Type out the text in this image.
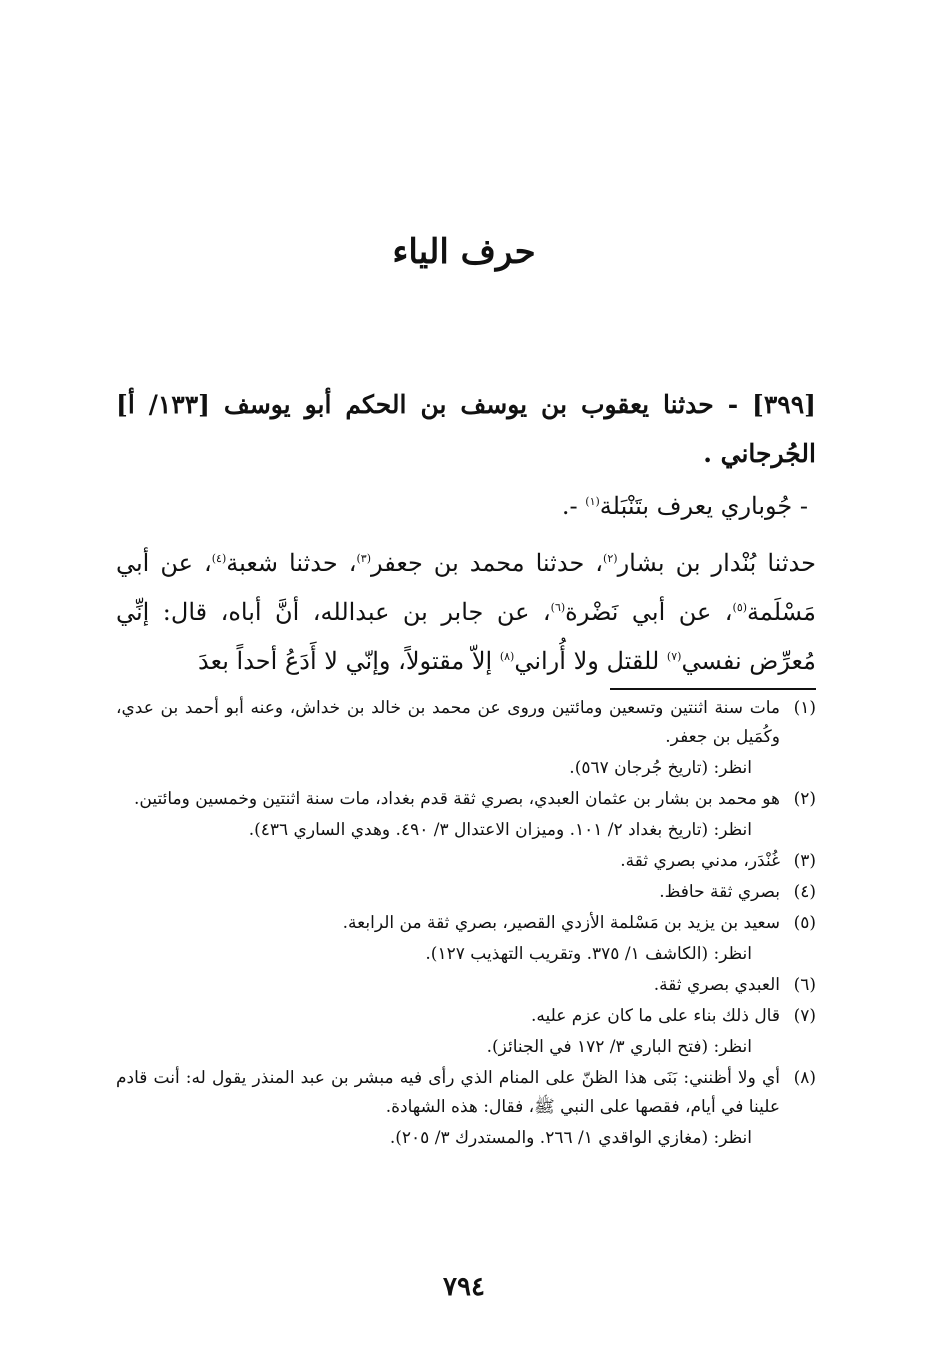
حرف الياء

[٣٩٩] - حدثنا يعقوب بن يوسف بن الحكم أبو يوسف [١٣٣/ أ] الجُرجاني .

- جُوباري يعرف بتَنْبَلة$^{(١)}$ -.

حدثنا بُنْدار بن بشار$^{(٢)}$، حدثنا محمد بن جعفر$^{(٣)}$، حدثنا شعبة$^{(٤)}$، عن أبي مَسْلَمة$^{(٥)}$، عن أبي نَضْرة$^{(٦)}$، عن جابر بن عبدالله، أنَّ أباه، قال: إنِّي مُعرِّض نفسي$^{(٧)}$ للقتل ولا أُراني$^{(٨)}$ إلاّ مقتولاً، وإنّي لا أَدَعُ أحداً بعدَ

(١)
مات سنة اثنتين وتسعين ومائتين وروى عن محمد بن خالد بن خداش، وعنه أبو أحمد بن عدي، وكُمَيل بن جعفر.
انظر: (تاريخ جُرجان ٥٦٧).
(٢)
هو محمد بن بشار بن عثمان العبدي، بصري ثقة قدم بغداد، مات سنة اثنتين وخمسين ومائتين.
انظر: (تاريخ بغداد ٢/ ١٠١. وميزان الاعتدال ٣/ ٤٩٠. وهدي الساري ٤٣٦).
(٣)
غُنْدَر، مدني بصري ثقة.
(٤)
بصري ثقة حافظ.
(٥)
سعيد بن يزيد بن مَسْلمة الأزدي القصير، بصري ثقة من الرابعة.
انظر: (الكاشف ١/ ٣٧٥. وتقريب التهذيب ١٢٧).
(٦)
العبدي بصري ثقة.
(٧)
قال ذلك بناء على ما كان عزم عليه.
انظر: (فتح الباري ٣/ ١٧٢ في الجنائز).
(٨)
أي ولا أظنني: بَنَى هذا الظنّ على المنام الذي رأى فيه مبشر بن عبد المنذر يقول له: أنت قادم علينا في أيام، فقصها على النبي ﷺ، فقال: هذه الشهادة.
انظر: (مغازي الواقدي ١/ ٢٦٦. والمستدرك ٣/ ٢٠٥).

٧٩٤
